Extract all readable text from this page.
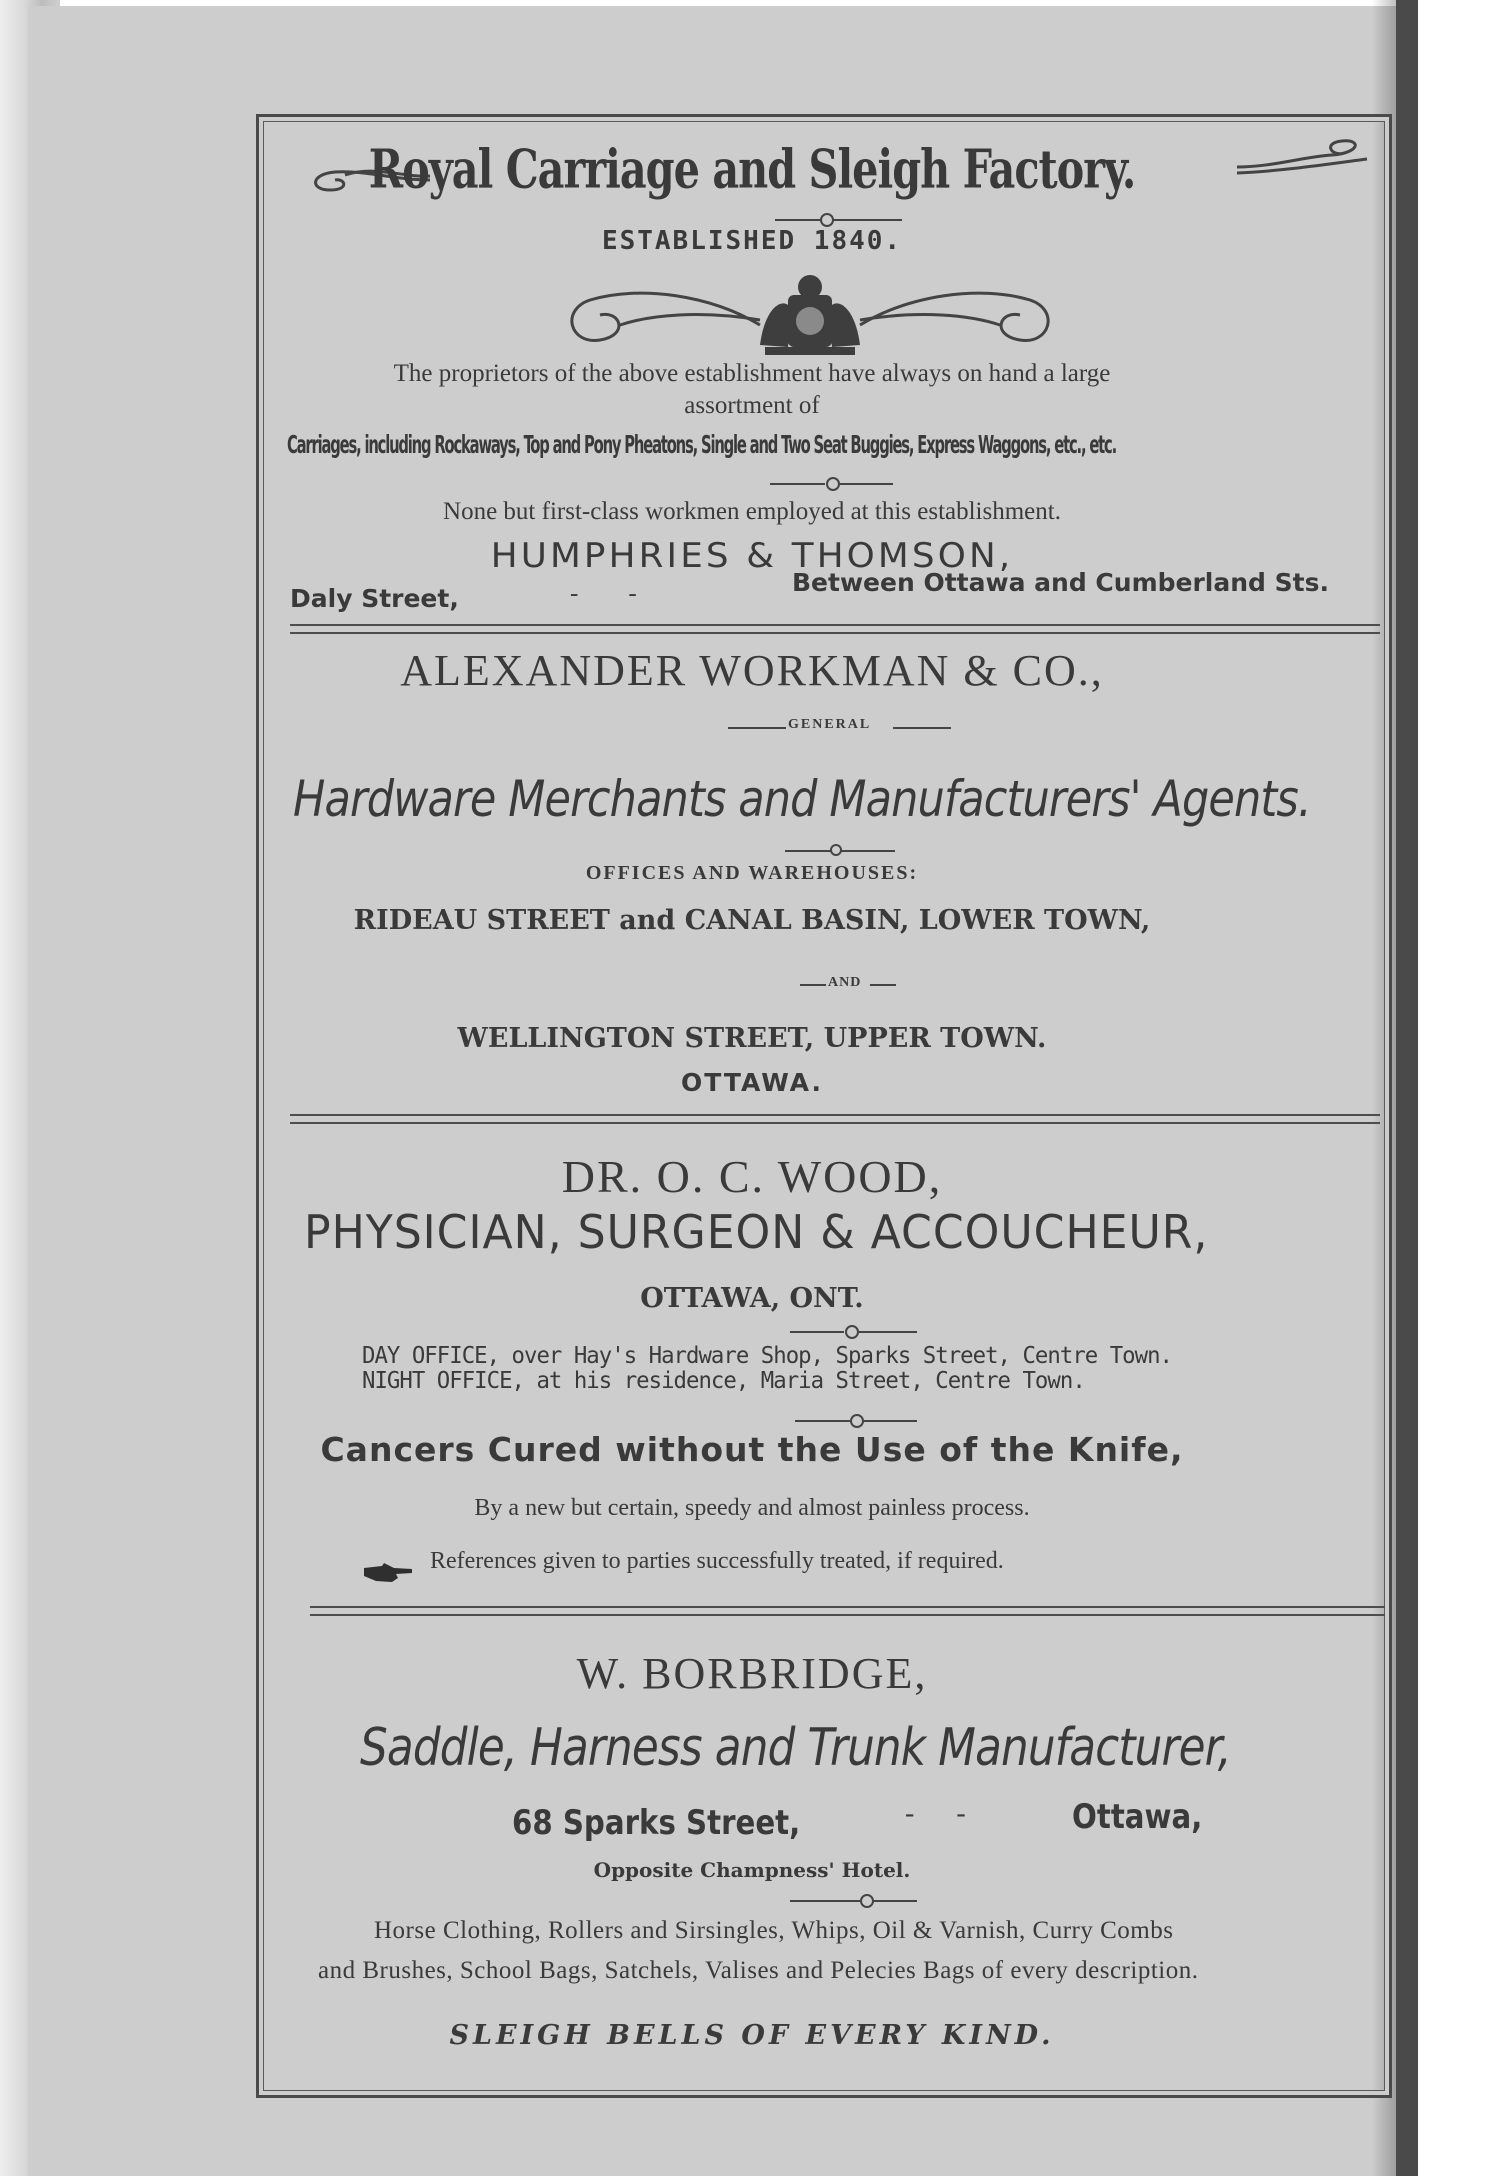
Royal Carriage and Sleigh Factory.
ESTABLISHED 1840.
The proprietors of the above establishment have always on hand a large
assortment of
Carriages, including Rockaways, Top and Pony Pheatons, Single and Two Seat Buggies, Express Waggons, etc., etc.
None but first-class workmen employed at this establishment.
HUMPHRIES & THOMSON,
Daly Street,	-        -	Between Ottawa and Cumberland Sts.
ALEXANDER WORKMAN & CO.,
GENERAL
Hardware Merchants and Manufacturers' Agents.
OFFICES AND WAREHOUSES:
RIDEAU STREET and CANAL BASIN, LOWER TOWN,
AND
WELLINGTON STREET, UPPER TOWN.
OTTAWA.
DR. O. C. WOOD,
PHYSICIAN, SURGEON & ACCOUCHEUR,
OTTAWA, ONT.
DAY OFFICE, over Hay's Hardware Shop, Sparks Street, Centre Town.
NIGHT OFFICE, at his residence, Maria Street, Centre Town.
Cancers Cured without the Use of the Knife,
By a new but certain, speedy and almost painless process.
References given to parties successfully treated, if required.
W. BORBRIDGE,
Saddle, Harness and Trunk Manufacturer,
68 Sparks Street,	-      -	Ottawa,
Opposite Champness' Hotel.
Horse Clothing, Rollers and Sirsingles, Whips, Oil & Varnish, Curry Combs
and Brushes, School Bags, Satchels, Valises and Pelecies Bags of every description.
SLEIGH BELLS OF EVERY KIND.
